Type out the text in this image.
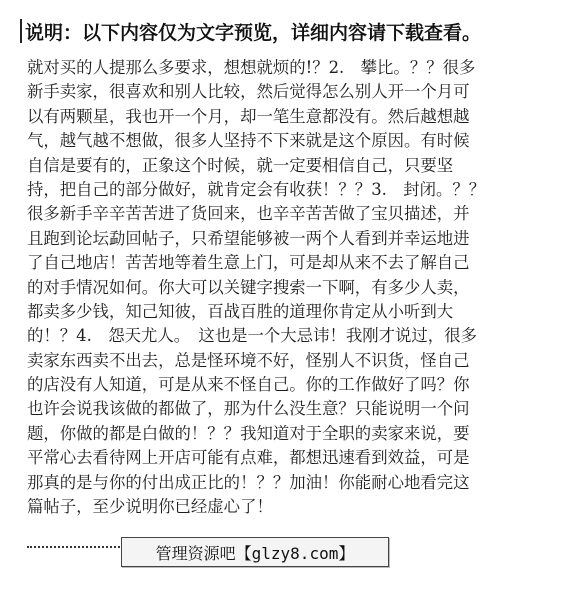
说明：以下内容仅为文字预览，详细内容请下载查看。
就对买的人提那么多要求，想想就烦的!？2.　攀比。？？很多
新手卖家，很喜欢和别人比较，然后觉得怎么别人开一个月可
以有两颗星，我也开一个月，却一笔生意都没有。然后越想越
气，越气越不想做，很多人坚持不下来就是这个原因。有时候
自信是要有的，正象这个时候，就一定要相信自己，只要坚
持，把自己的部分做好，就肯定会有收获！？？3.　封闭。？？
很多新手辛辛苦苦进了货回来，也辛辛苦苦做了宝贝描述，并
且跑到论坛勐回帖子，只希望能够被一两个人看到并幸运地进
了自己地店！苦苦地等着生意上门，可是却从来不去了解自己
的对手情况如何。你大可以关键字搜索一下啊，有多少人卖，
都卖多少钱，知己知彼，百战百胜的道理你肯定从小听到大
的！？4.　怨天尤人。　这也是一个大忌讳！我刚才说过，很多
卖家东西卖不出去，总是怪环境不好，怪别人不识货，怪自己
的店没有人知道，可是从来不怪自己。你的工作做好了吗？你
也许会说我该做的都做了，那为什么没生意？只能说明一个问
题，你做的都是白做的！？？我知道对于全职的卖家来说，要
平常心去看待网上开店可能有点难，都想迅速看到效益，可是
那真的是与你的付出成正比的！？？加油！你能耐心地看完这
篇帖子，至少说明你已经虚心了！
管理资源吧【glzy8.com】
